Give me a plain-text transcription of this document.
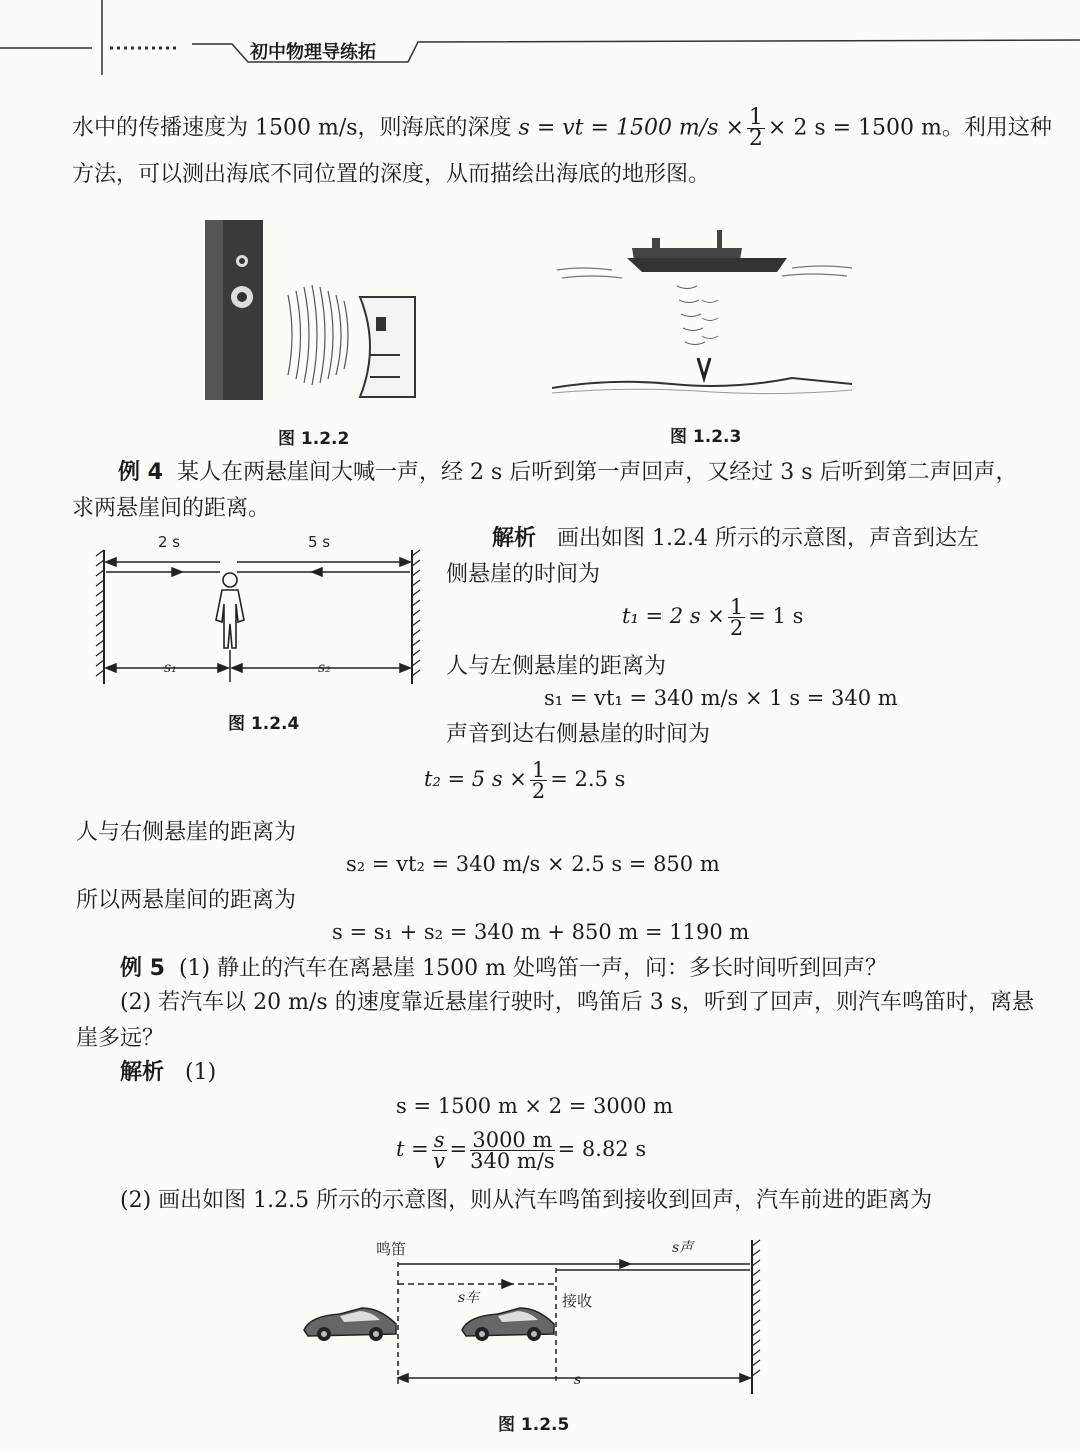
初中物理导练拓
水中的传播速度为 1500 m/s，则海底的深度 s = vt = 1500 $m/s \times \frac{1}{2} \times 2$ s = 1500 m。利用这种
方法，可以测出海底不同位置的深度，从而描绘出海底的地形图。
图 1.2.2	图 1.2.3
例 4 某人在两悬崖间大喊一声，经 2 s 后听到第一声回声，又经过 3 s 后听到第二声回声，
求两悬崖间的距离。
2 s	5 s
s₁	s₂
图 1.2.4
解析 画出如图 1.2.4 所示的示意图，声音到达左
侧悬崖的时间为
t₁ = 2 $s \times \frac{1}{2} = 1$ s
人与左侧悬崖的距离为
s₁ = vt₁ = 340 m/s × 1 s = 340 m
声音到达右侧悬崖的时间为
t₂ = 5 $s \times \frac{1}{2} = 2.5$ s
人与右侧悬崖的距离为
s₂ = vt₂ = 340 m/s × 2.5 s = 850 m
所以两悬崖间的距离为
s = s₁ + s₂ = 340 m + 850 m = 1190 m
例 5 (1) 静止的汽车在离悬崖 1500 m 处鸣笛一声，问：多长时间听到回声？
(2) 若汽车以 20 m/s 的速度靠近悬崖行驶时，鸣笛后 3 s，听到了回声，则汽车鸣笛时，离悬
崖多远？
解析 (1)
s = 1500 m × 2 = 3000 m
$t = \frac{s}{v} = \frac{3000 m}{340 m/s} = 8.82$ s
(2) 画出如图 1.2.5 所示的示意图，则从汽车鸣笛到接收到回声，汽车前进的距离为
鸣笛
接收
s声
s车
s
图 1.2.5
